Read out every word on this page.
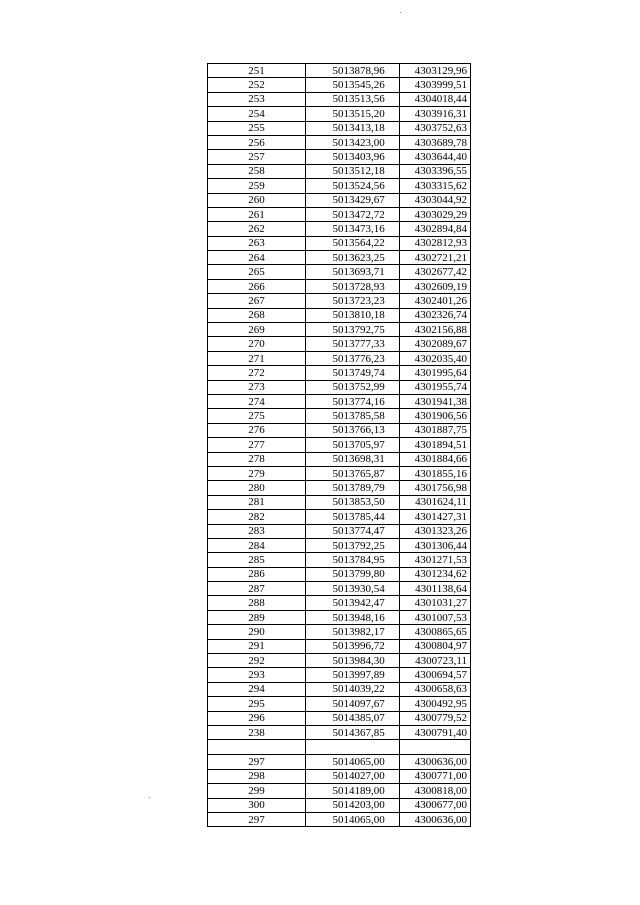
251	5013878,96	4303129,96
252	5013545,26	4303999,51
253	5013513,56	4304018,44
254	5013515,20	4303916,31
255	5013413,18	4303752,63
256	5013423,00	4303689,78
257	5013403,96	4303644,40
258	5013512,18	4303396,55
259	5013524,56	4303315,62
260	5013429,67	4303044,92
261	5013472,72	4303029,29
262	5013473,16	4302894,84
263	5013564,22	4302812,93
264	5013623,25	4302721,21
265	5013693,71	4302677,42
266	5013728,93	4302609,19
267	5013723,23	4302401,26
268	5013810,18	4302326,74
269	5013792,75	4302156,88
270	5013777,33	4302089,67
271	5013776,23	4302035,40
272	5013749,74	4301995,64
273	5013752,99	4301955,74
274	5013774,16	4301941,38
275	5013785,58	4301906,56
276	5013766,13	4301887,75
277	5013705,97	4301894,51
278	5013698,31	4301884,66
279	5013765,87	4301855,16
280	5013789,79	4301756,98
281	5013853,50	4301624,11
282	5013785,44	4301427,31
283	5013774,47	4301323,26
284	5013792,25	4301306,44
285	5013784,95	4301271,53
286	5013799,80	4301234,62
287	5013930,54	4301138,64
288	5013942,47	4301031,27
289	5013948,16	4301007,53
290	5013982,17	4300865,65
291	5013996,72	4300804,97
292	5013984,30	4300723,11
293	5013997,89	4300694,57
294	5014039,22	4300658,63
295	5014097,67	4300492,95
296	5014385,07	4300779,52
238	5014367,85	4300791,40

297	5014065,00	4300636,00
298	5014027,00	4300771,00
299	5014189,00	4300818,00
300	5014203,00	4300677,00
297	5014065,00	4300636,00
